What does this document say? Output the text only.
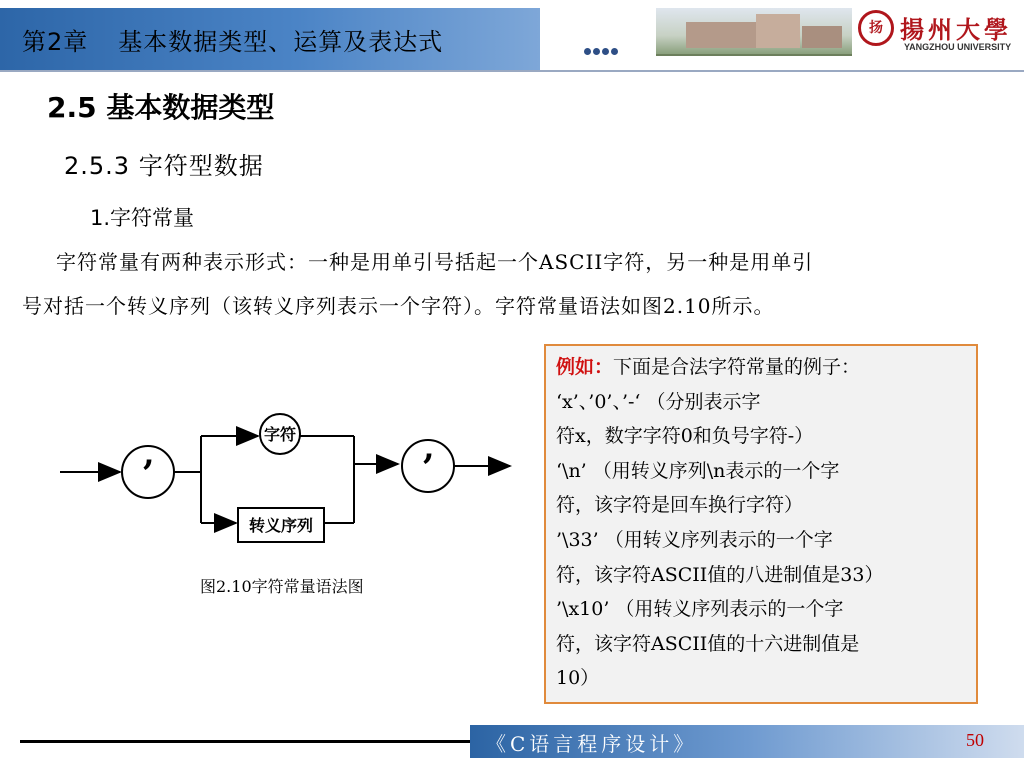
第2章 基本数据类型、运算及表达式	扬 揚州大學
YANGZHOU UNIVERSITY
2.5 基本数据类型
2.5.3 字符型数据
1.字符常量
字符常量有两种表示形式：一种是用单引号括起一个ASCII字符，另一种是用单引
号对括一个转义序列（该转义序列表示一个字符）。字符常量语法如图2.10所示。
’
字符
转义序列
’
图2.10字符常量语法图
例如：下面是合法字符常量的例子：
‘x’、’0’、’-‘ （分别表示字
符x，数字字符0和负号字符-）
‘\n’ （用转义序列\n表示的一个字
符，该字符是回车换行字符）
’\33’ （用转义序列表示的一个字
符，该字符ASCII值的八进制值是33）
’\x10’ （用转义序列表示的一个字
符，该字符ASCII值的十六进制值是
10）
《C语言程序设计》	50
